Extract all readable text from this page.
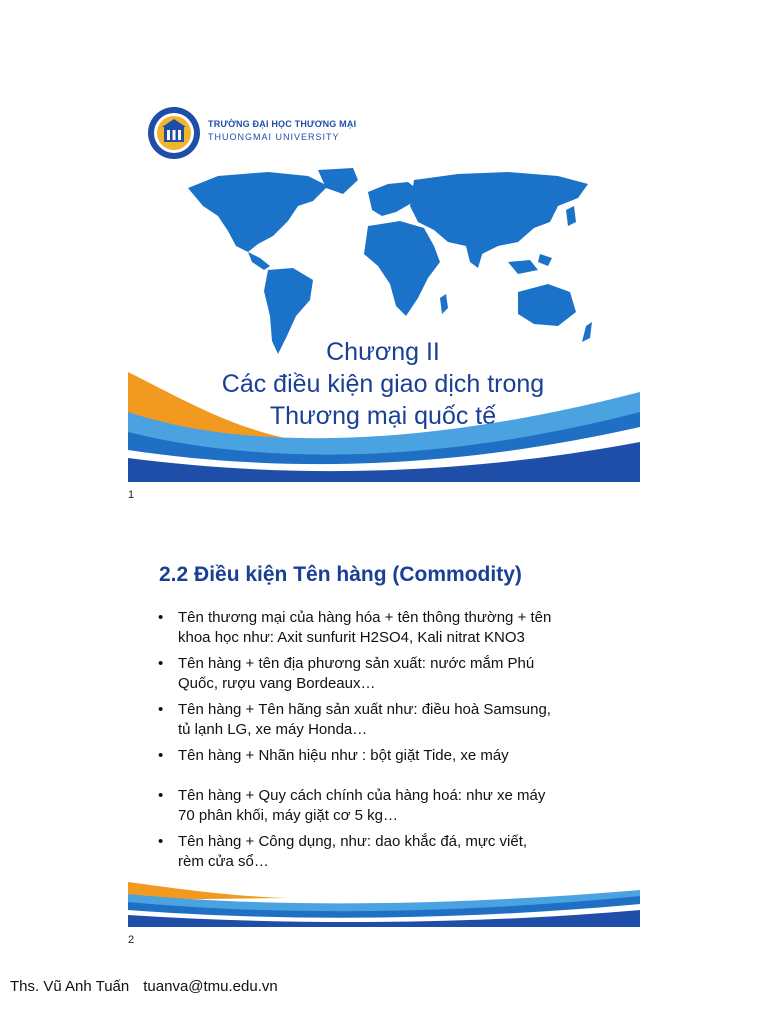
TRƯỜNG ĐẠI HỌC THƯƠNG MẠI
THUONGMAI UNIVERSITY
Chương II
Các điều kiện giao dịch trong
Thương mại quốc tế
1
2.2 Điều kiện Tên hàng (Commodity)
• Tên thương mại của hàng hóa + tên thông thường + tên
khoa học như: Axit sunfurit H2SO4, Kali nitrat KNO3
• Tên hàng + tên địa phương sản xuất: nước mắm Phú
Quốc, rượu vang Bordeaux…
• Tên hàng + Tên hãng sản xuất như: điều hoà Samsung,
tủ lạnh LG, xe máy Honda…
• Tên hàng + Nhãn hiệu như : bột giặt Tide, xe máy
• Tên hàng + Quy cách chính của hàng hoá: như xe máy
70 phân khối, máy giặt cơ 5 kg…
• Tên hàng + Công dụng, như: dao khắc đá, mực viết,
rèm cửa sổ…
2
Ths. Vũ Anh Tuấn tuanva@tmu.edu.vn
